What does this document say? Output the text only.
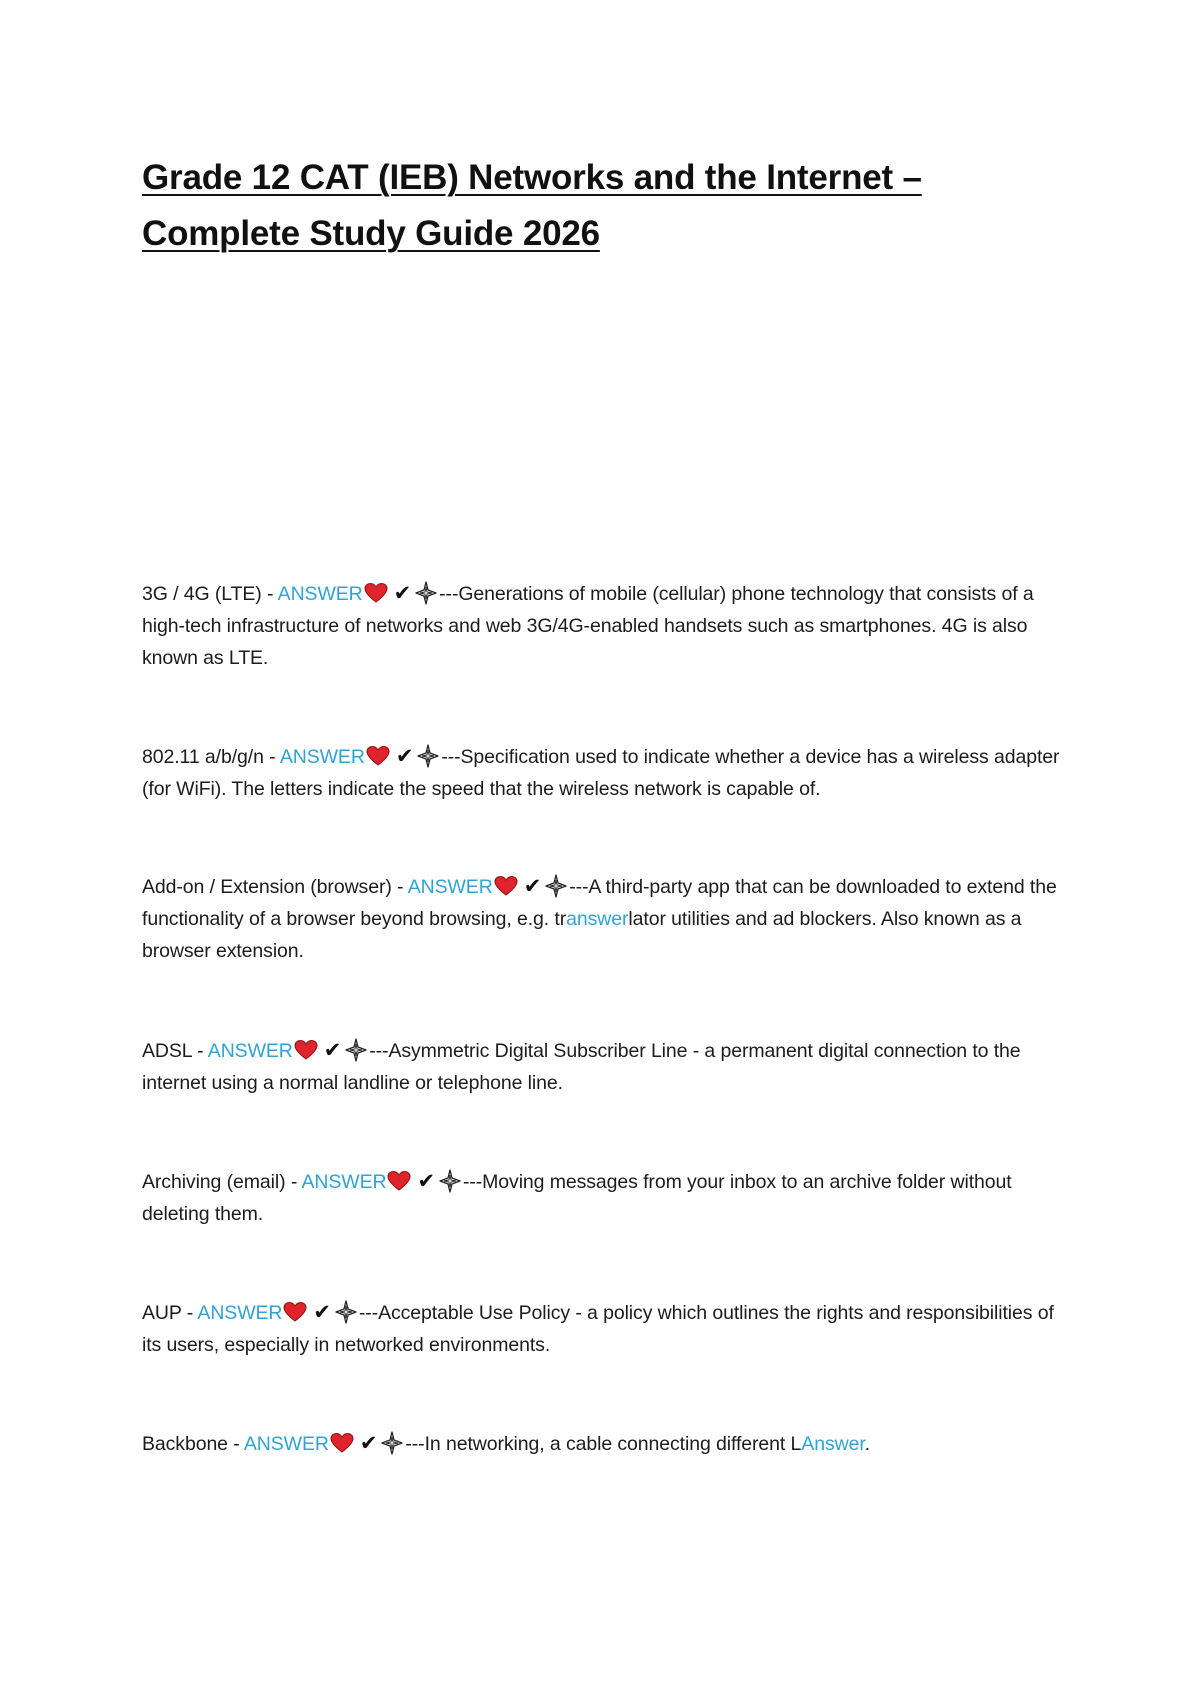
Grade 12 CAT (IEB) Networks and the Internet –
Complete Study Guide 2026
3G / 4G (LTE) - ANSWER ✔ ---Generations of mobile (cellular) phone technology that consists of a high-tech infrastructure of networks and web 3G/4G-enabled handsets such as smartphones. 4G is also known as LTE.
802.11 a/b/g/n - ANSWER ✔ ---Specification used to indicate whether a device has a wireless adapter (for WiFi). The letters indicate the speed that the wireless network is capable of.
Add-on / Extension (browser) - ANSWER ✔ ---A third-party app that can be downloaded to extend the functionality of a browser beyond browsing, e.g. transwerlator utilities and ad blockers. Also known as a browser extension.
ADSL - ANSWER ✔ ---Asymmetric Digital Subscriber Line - a permanent digital connection to the internet using a normal landline or telephone line.
Archiving (email) - ANSWER ✔ ---Moving messages from your inbox to an archive folder without deleting them.
AUP - ANSWER ✔ ---Acceptable Use Policy - a policy which outlines the rights and responsibilities of its users, especially in networked environments.
Backbone - ANSWER ✔ ---In networking, a cable connecting different LAnswer.
